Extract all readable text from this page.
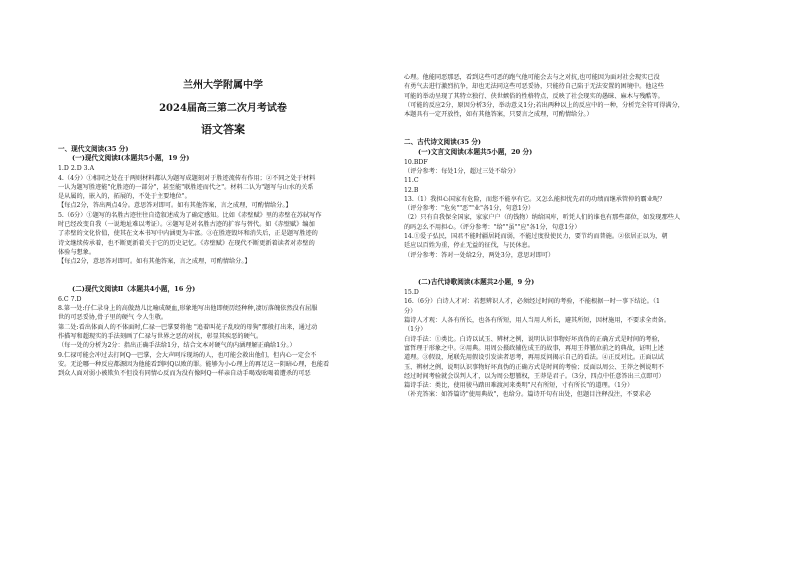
兰州大学附属中学
2024届高三第二次月考试卷
语文答案

一、现代文阅读(35 分)

(一)现代文阅读Ⅰ(本题共5小题，19 分)

1.D 2.D 3.A

4.（4分）①相同之处在于两则材料都认为题写成题刻对于胜迹流传有作用；②不同之处于材料

一认为题写胜迹能"化胜迹的一部分"，甚至能"联胜迹而代之"。材料二认为"题写与山水的关系

是从属的，嵌入的，拓展的，不处于主要地位"。

【每点2分，答出两点4分。意思答对即可。如有其他答案，言之成理，可酌情给分。】

5.（6分）①题写的名胜古迹往往自造叙述成为了确定感知。比如《赤壁赋》里的赤壁在苏轼写作

时已经改变自我（一说地址难以考证）。②题写是对名胜古迹的扩容与替代。如《赤壁赋》编加

了赤壁的文化价值，使其在文本书写中内涵更为丰富。③在胜迹毁坏和消失后，正是题写胜迹的

诗文继续传承着，也不断更新着关于它的历史记忆。《赤壁赋》在现代不断更新着读者对赤壁的

体验与想象。

【每点2分，意思答对即可。如有其他答案，言之成理，可酌情给分。】

(二)现代文阅读Ⅱ（本题共4小题，16 分)

6.C 7.D

8.第一处:仔仁录身上的高傲劲儿比喻成硬血,形象地写出他即便历经种种,凄厉落魄依然没有屈服

世的可恶妥协,骨子里的硬气 令人生敬。

第二处:看出体面人的不体面时,仁禄一巴掌要将他 "追着叫花子乱咬的母狗"那般打出来，通过动

作描写和超现实的手法刻画了仁禄与世界之恶的对抗，彰显其疾恶的硬气。

（每一处的分析为2分：指出正确手法给1分，结合文本对硬气的内涵理解正确给1分。）

9.仁禄可能会冲过去打阿Q一巴掌，会大声呵斥现场的人，也可能会救出他们，但内心一定会不

安。无论哪一种反应都源因为他能看到阿Q以败的罪。能够为小心理上的再足这一阴暗心理，也能看

到众人面对弱小被欺负不但没有同情心反而为没有像阿Q一样亲自动手喝戏吆喝着遭杀的可恶

心理。他能同恶那恶，看到这些可恶的跑气他可能会去与之对抗,也可能因为面对社会现实已没

有勇气去进行激烈抗争，却也无法同这些可恶妥协，只能待自己陷于无法安置的困境中。他这些

可能的举动呈现了其特立独行、侠世嫉俗的性格特点，反映了社会现实的愚昧、麻木与残酷等。

（可能的反应2分，原因分析3分，举动意义1分;若出两种以上的反应中的一种，分析完全符可得满分，

本题具有一定开放性，如有其他答案，只要言之成理，可酌情给分。）

二、古代诗文阅读(35 分)

(一)文言文阅读(本题共5小题，20 分)

10.BDF

（评分参考：每处1分，超过三处不给分）

11.C

12.B

13.（1）我担心国家有危险，而您不能享有它。又怎么能担忧先君的功绩而继承管仲的霸业呢？

（评分参考："危矣""恶""业"各1分，句意1分）

（2）只有自我保全国家，家家户户（的钱物）纳给国库，听凭人们的谁也有那些部位，如发现那些人

的吗怎么不用担心。（评分参考："给""虽""应"各1分，句意1分）

14.①爱子弘民，国君不能时疆居耗而弱，不能过度役使民力，要节约而普施。②依居正以为，朝

廷应以百姓为重，停止无益的征伐，与民休息。

（评分参考：答对一处给2分，两处3分，意思对即可）

(二)古代诗歌阅读(本题共2小题，9 分)

15.D

16.（6分）白诗人才对：若想辨识人才，必须经过时间的考验，不能根据一时一事下结论。（1

分）

篇诗人才观：人各有所长，也各有所短，用人当用人所长，避其所短，因材施用，不要求全责备。

（1分）

白诗手法：①类比。白诗以试玉、辨材之例，说明认识事物好坏真伪的正确方式是时间的考验，

富哲理于形象之中。②用典。用周公摄政辅佐成王的故事，再用王莽篡位前之的典故，证明上述

道理。③假设，尾联先用假设引发读者思考，再用反问揭示自己的看法。④正反对比。正面以试

玉、辨材之例，说明认识事物好坏真伪的正确方式是时间的考验；反面以周公、王莽之例说明不

经过时间考验就会误判人才，以为周公想篡权，王莽是君子。（3分，四点中任意答出三点即可）

篇诗手法：类比，使用骏马踏田难渡河来类明"尺有所短，寸有所长"的道理。（1分）

（补充答案：如答篇诗"使用典故"，也给分。篇诗开句有出处，但题目注释没注，不要求必
